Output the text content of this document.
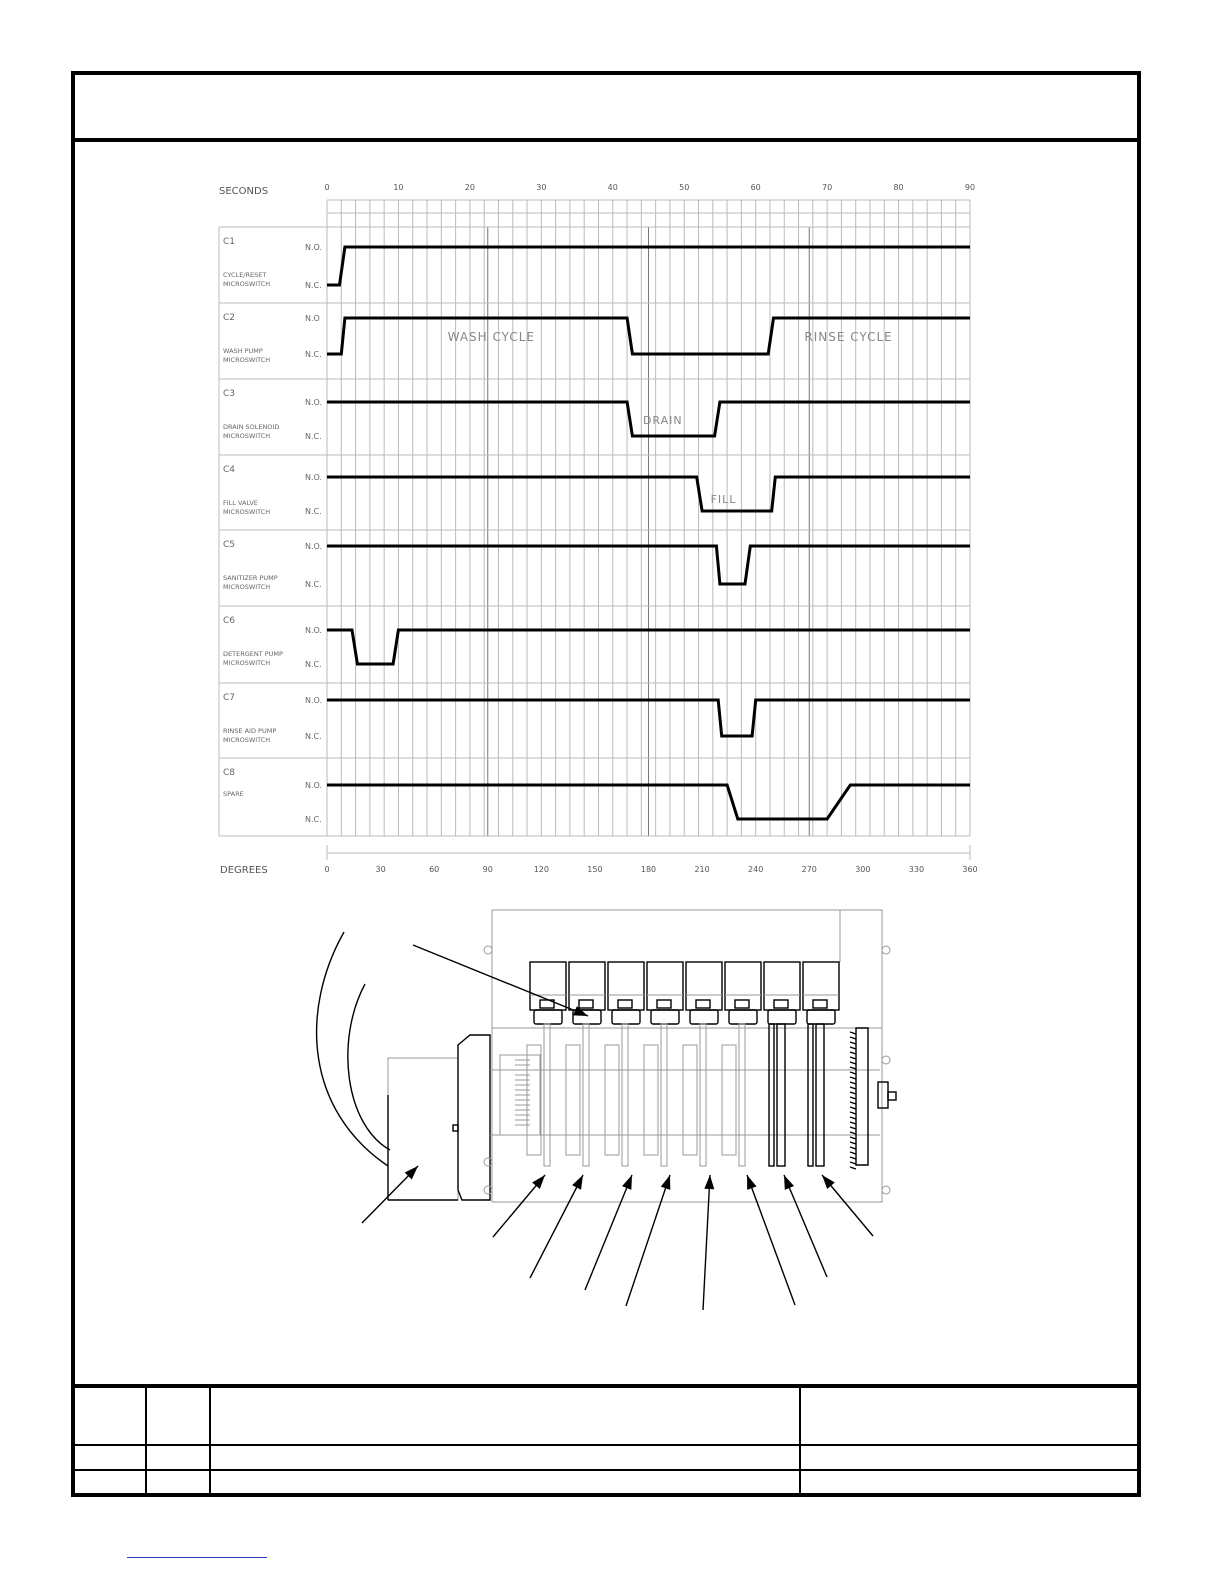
0	10	20	30	40	50	60	70	80	90
0	30	60	90	120	150	180	210	240	270	300	330	360
C1
CYCLE/RESET
MICROSWITCH
N.O.
N.C.
C2
WASH PUMP
MICROSWITCH
N.O
N.C.
C3
DRAIN SOLENOID
MICROSWITCH
N.O.
N.C.
C4
FILL VALVE
MICROSWITCH
N.O.
N.C.
C5
SANITIZER PUMP
MICROSWITCH
N.O.
N.C.
C6
DETERGENT PUMP
MICROSWITCH
N.O.
N.C.
C7
RINSE AID PUMP
MICROSWITCH
N.O.
N.C.
C8
SPARE
N.O.
N.C.
WASH CYCLE	RINSE CYCLE
DRAIN
FILL
SECONDS
DEGREES
